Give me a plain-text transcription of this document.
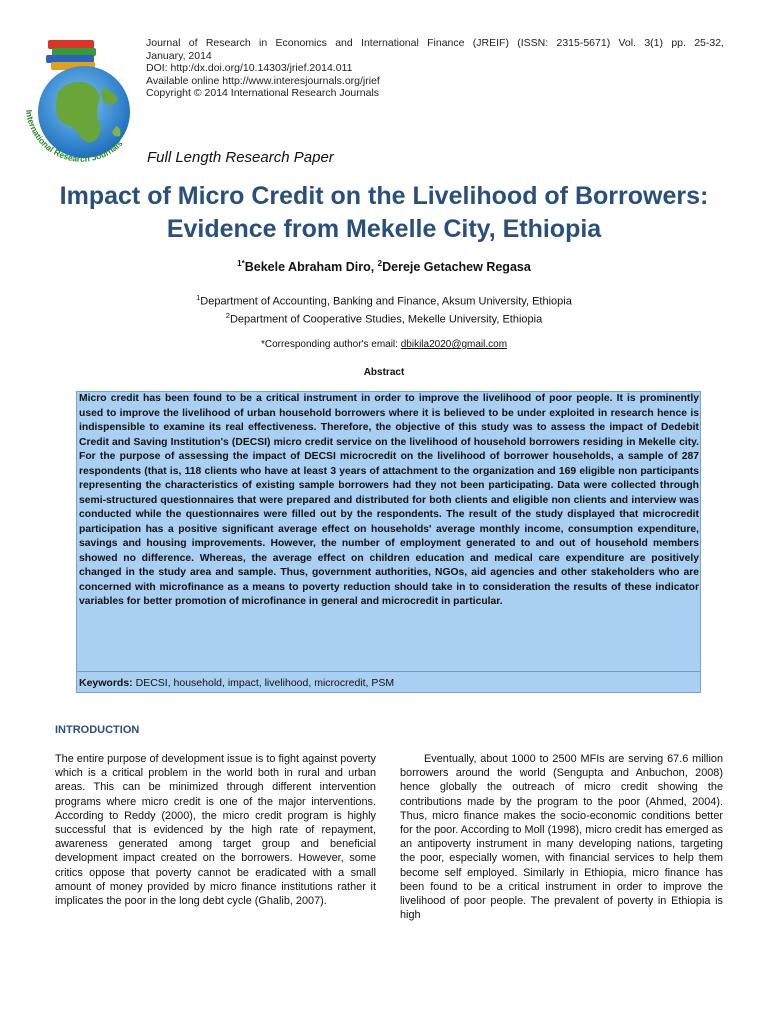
International Research Journals
Journal of Research in Economics and International Finance (JREIF) (ISSN: 2315-5671) Vol. 3(1) pp. 25-32,
January, 2014
DOI: http:/dx.doi.org/10.14303/jrief.2014.011
Available online http://www.interesjournals.org/jrief
Copyright © 2014 International Research Journals
Full Length Research Paper
Impact of Micro Credit on the Livelihood of Borrowers: Evidence from Mekelle City, Ethiopia
$^{1*}$Bekele Abraham Diro, $^2$Dereje Getachew Regasa
$^1$Department of Accounting, Banking and Finance, Aksum University, Ethiopia
$^2$Department of Cooperative Studies, Mekelle University, Ethiopia
*Corresponding author's email: dbikila2020@gmail.com
Abstract
Micro credit has been found to be a critical instrument in order to improve the livelihood of poor people. It is prominently used to improve the livelihood of urban household borrowers where it is believed to be under exploited in research hence is indispensible to examine its real effectiveness. Therefore, the objective of this study was to assess the impact of Dedebit Credit and Saving Institution's (DECSI) micro credit service on the livelihood of household borrowers residing in Mekelle city. For the purpose of assessing the impact of DECSI microcredit on the livelihood of borrower households, a sample of 287 respondents (that is, 118 clients who have at least 3 years of attachment to the organization and 169 eligible non participants representing the characteristics of existing sample borrowers had they not been participating. Data were collected through semi-structured questionnaires that were prepared and distributed for both clients and eligible non clients and interview was conducted while the questionnaires were filled out by the respondents. The result of the study displayed that microcredit participation has a positive significant average effect on households' average monthly income, consumption expenditure, savings and housing improvements. However, the number of employment generated to and out of household members showed no difference. Whereas, the average effect on children education and medical care expenditure are positively changed in the study area and sample. Thus, government authorities, NGOs, aid agencies and other stakeholders who are concerned with microfinance as a means to poverty reduction should take in to consideration the results of these indicator variables for better promotion of microfinance in general and microcredit in particular.
Keywords: DECSI, household, impact, livelihood, microcredit, PSM
INTRODUCTION
The entire purpose of development issue is to fight against poverty which is a critical problem in the world both in rural and urban areas. This can be minimized through different intervention programs where micro credit is one of the major interventions. According to Reddy (2000), the micro credit program is highly successful that is evidenced by the high rate of repayment, awareness generated among target group and beneficial development impact created on the borrowers. However, some critics oppose that poverty cannot be eradicated with a small amount of money provided by micro finance institutions rather it implicates the poor in the long debt cycle (Ghalib, 2007).
Eventually, about 1000 to 2500 MFIs are serving 67.6 million borrowers around the world (Sengupta and Anbuchon, 2008) hence globally the outreach of micro credit showing the contributions made by the program to the poor (Ahmed, 2004). Thus, micro finance makes the socio-economic conditions better for the poor. According to Moll (1998), micro credit has emerged as an antipoverty instrument in many developing nations, targeting the poor, especially women, with financial services to help them become self employed. Similarly in Ethiopia, micro finance has been found to be a critical instrument in order to improve the livelihood of poor people. The prevalent of poverty in Ethiopia is high
